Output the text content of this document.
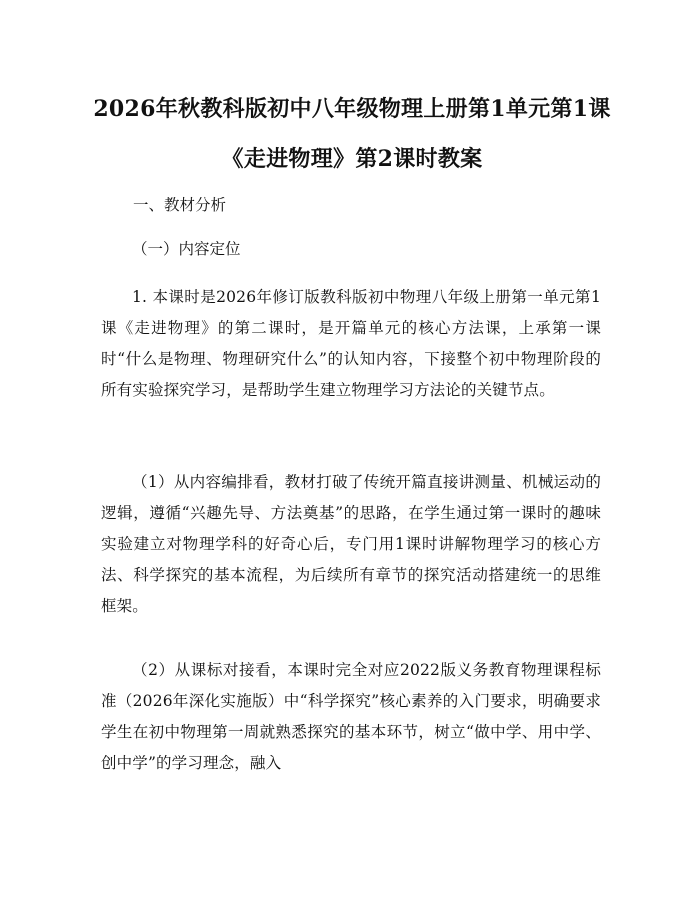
2026年秋教科版初中八年级物理上册第1单元第1课《走进物理》第2课时教案
一、教材分析
（一）内容定位

1. 本课时是2026年修订版教科版初中物理八年级上册第一单元第1课《走进物理》的第二课时，是开篇单元的核心方法课，上承第一课时“什么是物理、物理研究什么”的认知内容，下接整个初中物理阶段的所有实验探究学习，是帮助学生建立物理学习方法论的关键节点。

（1）从内容编排看，教材打破了传统开篇直接讲测量、机械运动的逻辑，遵循“兴趣先导、方法奠基”的思路，在学生通过第一课时的趣味实验建立对物理学科的好奇心后，专门用1课时讲解物理学习的核心方法、科学探究的基本流程，为后续所有章节的探究活动搭建统一的思维框架。

（2）从课标对接看，本课时完全对应2022版义务教育物理课程标准（2026年深化实施版）中“科学探究”核心素养的入门要求，明确要求学生在初中物理第一周就熟悉探究的基本环节，树立“做中学、用中学、创中学”的学习理念，融入
